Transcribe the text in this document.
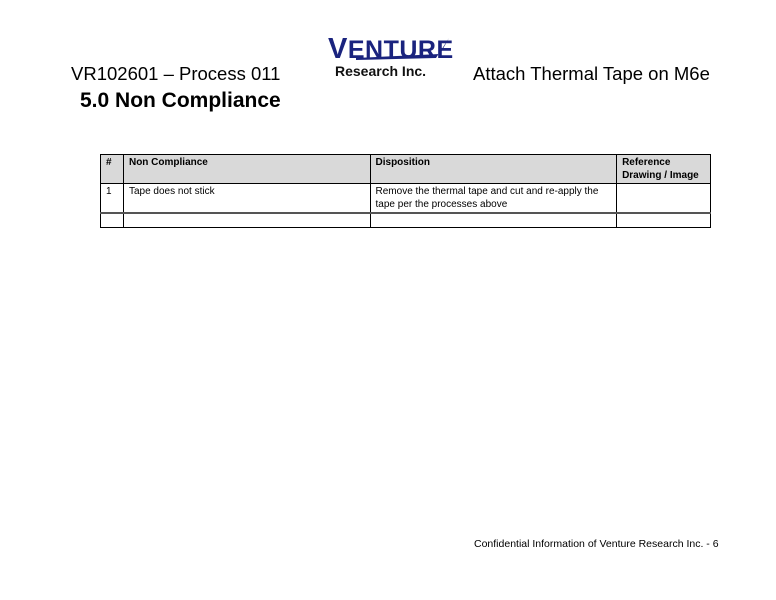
VR102601 – Process 011
VENTURE
Research Inc.	Attach Thermal Tape on M6e
5.0 Non Compliance
#	Non Compliance	Disposition	Reference Drawing / Image
1	Tape does not stick	Remove the thermal tape and cut and re-apply the tape per the processes above	

Confidential Information of Venture Research Inc. - 6
